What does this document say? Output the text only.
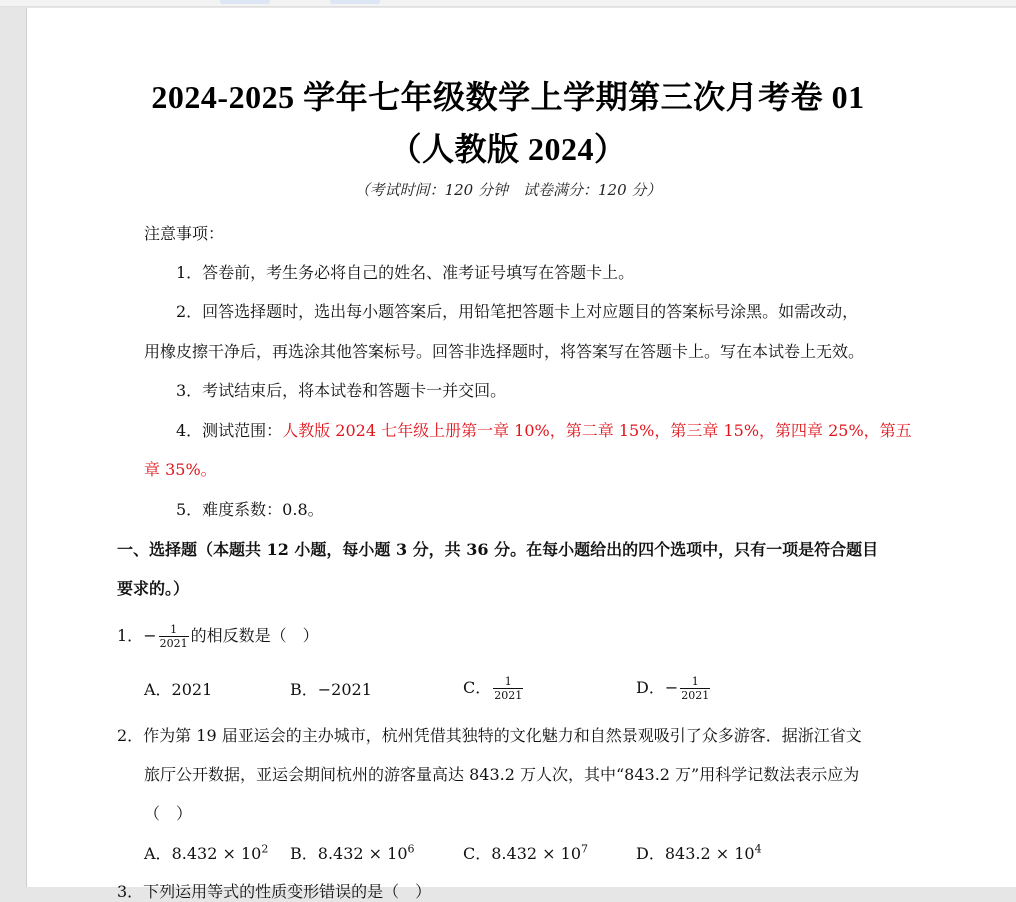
2024-2025 学年七年级数学上学期第三次月考卷 01
（人教版 2024）
（考试时间：120 分钟　试卷满分：120 分）
注意事项：
1．答卷前，考生务必将自己的姓名、准考证号填写在答题卡上。
2．回答选择题时，选出每小题答案后，用铅笔把答题卡上对应题目的答案标号涂黑。如需改动，
用橡皮擦干净后，再选涂其他答案标号。回答非选择题时，将答案写在答题卡上。写在本试卷上无效。
3．考试结束后，将本试卷和答题卡一并交回。
4．测试范围：人教版 2024 七年级上册第一章 10%，第二章 15%，第三章 15%，第四章 25%，第五
章 35%。
5．难度系数：0.8。
一、选择题（本题共 12 小题，每小题 3 分，共 36 分。在每小题给出的四个选项中，只有一项是符合题目
要求的。）
1．− $\frac{1}{2021}$ 的相反数是（　）
A．2021	B．−2021	C． $\frac{1}{2021}$	D．− $\frac{1}{2021}$
2．作为第 19 届亚运会的主办城市，杭州凭借其独特的文化魅力和自然景观吸引了众多游客．据浙江省文
旅厅公开数据，亚运会期间杭州的游客量高达 843.2 万人次，其中“843.2 万”用科学记数法表示应为
（　）
A．$8.432 \times 10^2$ B．$8.432 \times 10^6$	C．$8.432 \times 10^7$	D．$843.2 \times 10^4$
3．下列运用等式的性质变形错误的是（　）
